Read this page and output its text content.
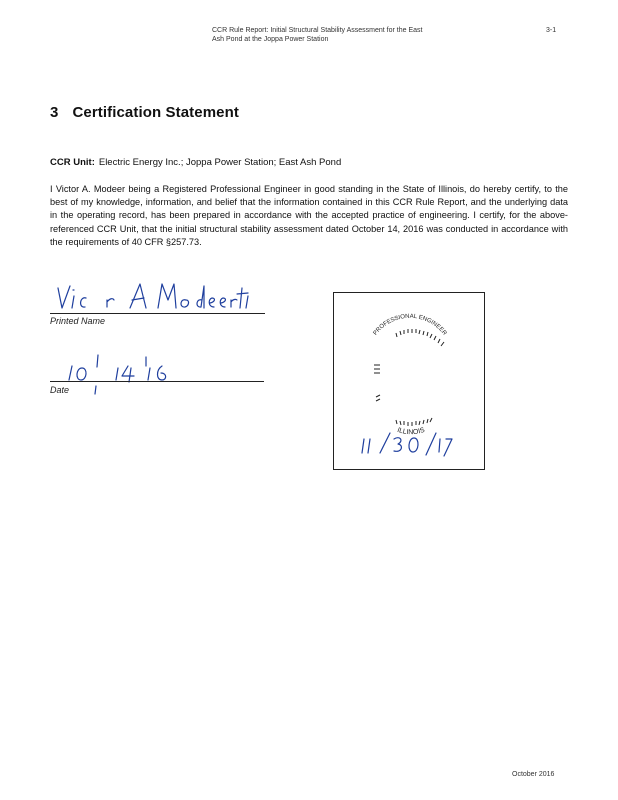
CCR Rule Report: Initial Structural Stability Assessment for the East
Ash Pond at the Joppa Power Station
3-1
3 Certification Statement
CCR Unit: Electric Energy Inc.; Joppa Power Station; East Ash Pond
I Victor A. Modeer being a Registered Professional Engineer in good standing in the State of Illinois, do hereby certify, to the best of my knowledge, information, and belief that the information contained in this CCR Rule Report, and the underlying data in the operating record, has been prepared in accordance with the accepted practice of engineering. I certify, for the above-referenced CCR Unit, that the initial structural stability assessment dated October 14, 2016 was conducted in accordance with the requirements of 40 CFR §257.73.
Printed Name
Date
PROFESSIONAL ENGINEER
ILLINOIS
October 2016
